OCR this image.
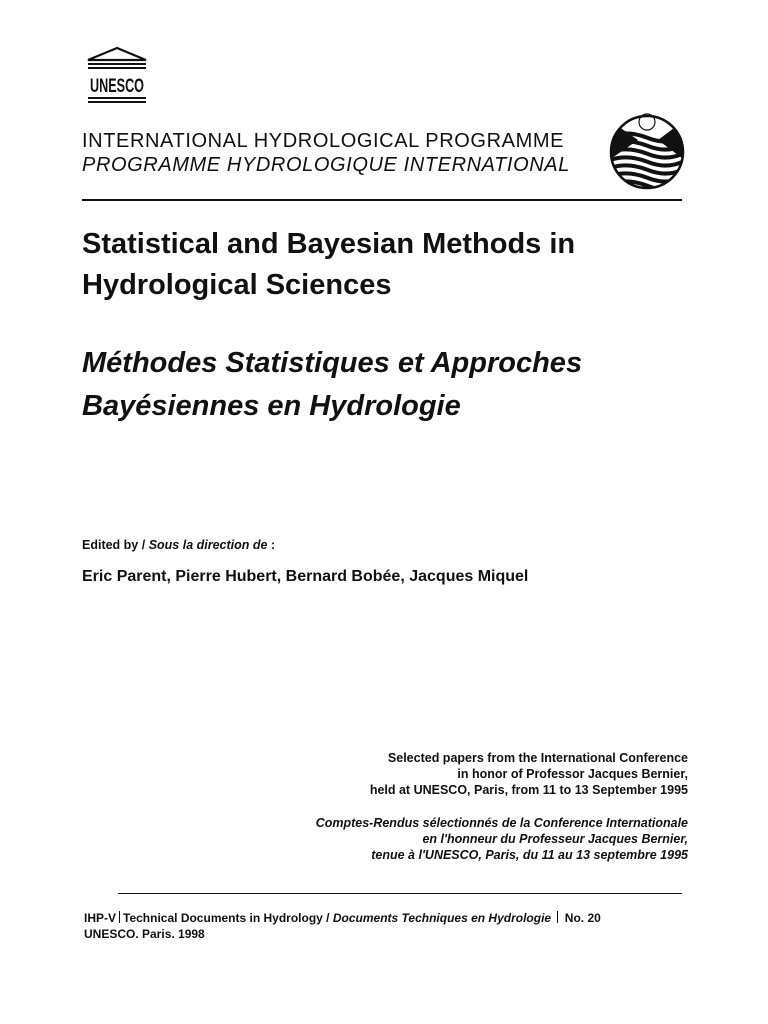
UNESCO
INTERNATIONAL HYDROLOGICAL PROGRAMME
PROGRAMME HYDROLOGIQUE INTERNATIONAL
Statistical and Bayesian Methods in
Hydrological Sciences
Méthodes Statistiques et Approches
Bayésiennes en Hydrologie
Edited by / Sous la direction de :
Eric Parent, Pierre Hubert, Bernard Bobée, Jacques Miquel
Selected papers from the International Conference
in honor of Professor Jacques Bernier,
held at UNESCO, Paris, from 11 to 13 September 1995
Comptes-Rendus sélectionnés de la Conference Internationale
en l'honneur du Professeur Jacques Bernier,
tenue à l'UNESCO, Paris, du 11 au 13 septembre 1995
IHP-V Technical Documents in Hydrology / Documents Techniques en Hydrologie No. 20
UNESCO. Paris. 1998
